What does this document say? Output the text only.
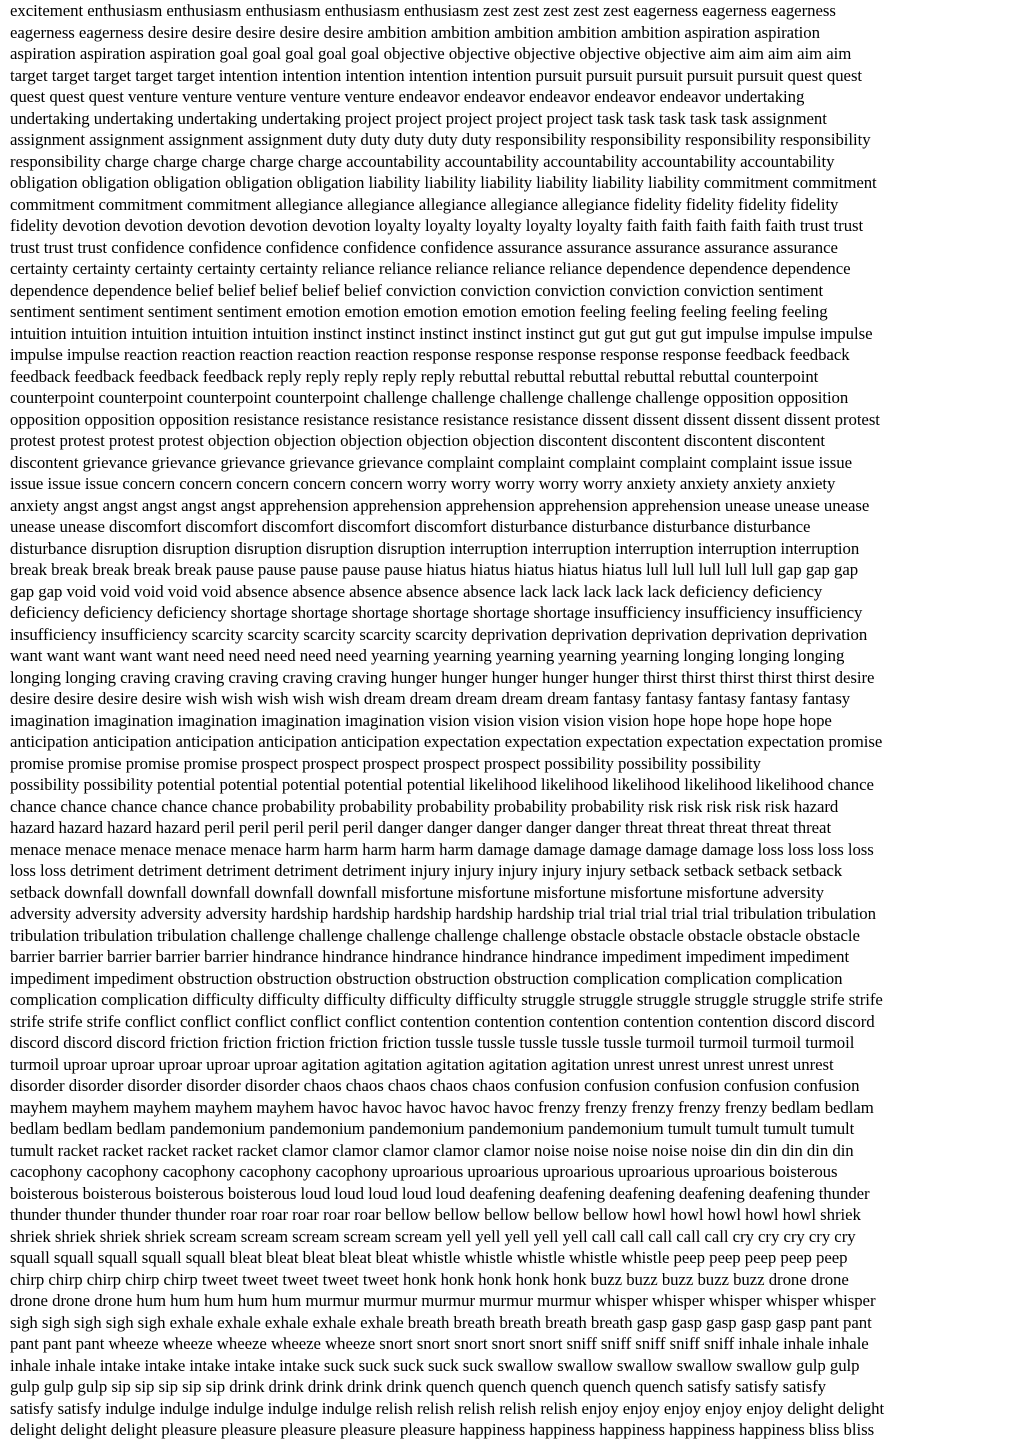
excitement enthusiasm enthusiasm enthusiasm enthusiasm enthusiasm zest zest zest zest zest eagerness eagerness eagerness
eagerness eagerness desire desire desire desire desire ambition ambition ambition ambition ambition aspiration aspiration
aspiration aspiration aspiration goal goal goal goal goal objective objective objective objective objective aim aim aim aim aim
target target target target target intention intention intention intention intention pursuit pursuit pursuit pursuit pursuit quest quest
quest quest quest venture venture venture venture venture endeavor endeavor endeavor endeavor endeavor undertaking
undertaking undertaking undertaking undertaking project project project project project task task task task task assignment
assignment assignment assignment assignment duty duty duty duty duty responsibility responsibility responsibility responsibility
responsibility charge charge charge charge charge accountability accountability accountability accountability accountability
obligation obligation obligation obligation obligation liability liability liability liability liability liability commitment commitment
commitment commitment commitment allegiance allegiance allegiance allegiance allegiance fidelity fidelity fidelity fidelity
fidelity devotion devotion devotion devotion devotion loyalty loyalty loyalty loyalty loyalty faith faith faith faith faith trust trust
trust trust trust confidence confidence confidence confidence confidence assurance assurance assurance assurance assurance
certainty certainty certainty certainty certainty reliance reliance reliance reliance reliance dependence dependence dependence
dependence dependence belief belief belief belief belief conviction conviction conviction conviction conviction sentiment
sentiment sentiment sentiment sentiment emotion emotion emotion emotion emotion feeling feeling feeling feeling feeling
intuition intuition intuition intuition intuition instinct instinct instinct instinct instinct gut gut gut gut gut impulse impulse impulse
impulse impulse reaction reaction reaction reaction reaction response response response response response feedback feedback
feedback feedback feedback feedback reply reply reply reply reply rebuttal rebuttal rebuttal rebuttal rebuttal counterpoint
counterpoint counterpoint counterpoint counterpoint challenge challenge challenge challenge challenge opposition opposition
opposition opposition opposition resistance resistance resistance resistance resistance dissent dissent dissent dissent dissent protest
protest protest protest protest objection objection objection objection objection discontent discontent discontent discontent
discontent grievance grievance grievance grievance grievance complaint complaint complaint complaint complaint issue issue
issue issue issue concern concern concern concern concern worry worry worry worry worry anxiety anxiety anxiety anxiety
anxiety angst angst angst angst angst apprehension apprehension apprehension apprehension apprehension unease unease unease
unease unease discomfort discomfort discomfort discomfort discomfort disturbance disturbance disturbance disturbance
disturbance disruption disruption disruption disruption disruption interruption interruption interruption interruption interruption
break break break break break pause pause pause pause pause hiatus hiatus hiatus hiatus hiatus lull lull lull lull lull gap gap gap
gap gap void void void void void absence absence absence absence absence lack lack lack lack lack deficiency deficiency
deficiency deficiency deficiency shortage shortage shortage shortage shortage shortage insufficiency insufficiency insufficiency
insufficiency insufficiency scarcity scarcity scarcity scarcity scarcity deprivation deprivation deprivation deprivation deprivation
want want want want want need need need need need yearning yearning yearning yearning yearning longing longing longing
longing longing craving craving craving craving craving hunger hunger hunger hunger hunger thirst thirst thirst thirst thirst desire
desire desire desire desire wish wish wish wish wish dream dream dream dream dream fantasy fantasy fantasy fantasy fantasy
imagination imagination imagination imagination imagination vision vision vision vision vision hope hope hope hope hope
anticipation anticipation anticipation anticipation anticipation expectation expectation expectation expectation expectation promise
promise promise promise promise prospect prospect prospect prospect prospect possibility possibility possibility
possibility possibility potential potential potential potential potential likelihood likelihood likelihood likelihood likelihood chance
chance chance chance chance chance probability probability probability probability probability risk risk risk risk risk hazard
hazard hazard hazard hazard peril peril peril peril peril danger danger danger danger danger threat threat threat threat threat
menace menace menace menace menace harm harm harm harm harm damage damage damage damage damage loss loss loss loss
loss loss detriment detriment detriment detriment detriment injury injury injury injury injury setback setback setback setback
setback downfall downfall downfall downfall downfall misfortune misfortune misfortune misfortune misfortune adversity
adversity adversity adversity adversity hardship hardship hardship hardship hardship trial trial trial trial trial tribulation tribulation
tribulation tribulation tribulation challenge challenge challenge challenge challenge obstacle obstacle obstacle obstacle obstacle
barrier barrier barrier barrier barrier hindrance hindrance hindrance hindrance hindrance impediment impediment impediment
impediment impediment obstruction obstruction obstruction obstruction obstruction complication complication complication
complication complication difficulty difficulty difficulty difficulty difficulty struggle struggle struggle struggle struggle strife strife
strife strife strife conflict conflict conflict conflict conflict contention contention contention contention contention discord discord
discord discord discord friction friction friction friction friction tussle tussle tussle tussle tussle turmoil turmoil turmoil turmoil
turmoil uproar uproar uproar uproar uproar agitation agitation agitation agitation agitation unrest unrest unrest unrest unrest
disorder disorder disorder disorder disorder chaos chaos chaos chaos chaos confusion confusion confusion confusion confusion
mayhem mayhem mayhem mayhem mayhem havoc havoc havoc havoc havoc frenzy frenzy frenzy frenzy frenzy bedlam bedlam
bedlam bedlam bedlam pandemonium pandemonium pandemonium pandemonium pandemonium tumult tumult tumult tumult
tumult racket racket racket racket racket clamor clamor clamor clamor clamor noise noise noise noise noise din din din din din
cacophony cacophony cacophony cacophony cacophony uproarious uproarious uproarious uproarious uproarious boisterous
boisterous boisterous boisterous boisterous loud loud loud loud loud deafening deafening deafening deafening deafening thunder
thunder thunder thunder thunder roar roar roar roar roar bellow bellow bellow bellow bellow howl howl howl howl howl shriek
shriek shriek shriek shriek scream scream scream scream scream yell yell yell yell yell call call call call call cry cry cry cry cry
squall squall squall squall squall bleat bleat bleat bleat bleat whistle whistle whistle whistle whistle peep peep peep peep peep
chirp chirp chirp chirp chirp tweet tweet tweet tweet tweet honk honk honk honk honk buzz buzz buzz buzz buzz drone drone
drone drone drone hum hum hum hum hum murmur murmur murmur murmur murmur whisper whisper whisper whisper whisper
sigh sigh sigh sigh sigh exhale exhale exhale exhale exhale breath breath breath breath breath gasp gasp gasp gasp gasp pant pant
pant pant pant wheeze wheeze wheeze wheeze wheeze snort snort snort snort snort sniff sniff sniff sniff sniff inhale inhale inhale
inhale inhale intake intake intake intake intake suck suck suck suck suck swallow swallow swallow swallow swallow gulp gulp
gulp gulp gulp sip sip sip sip sip drink drink drink drink drink quench quench quench quench quench satisfy satisfy satisfy
satisfy satisfy indulge indulge indulge indulge indulge relish relish relish relish relish enjoy enjoy enjoy enjoy enjoy delight delight
delight delight delight pleasure pleasure pleasure pleasure pleasure happiness happiness happiness happiness happiness bliss bliss
